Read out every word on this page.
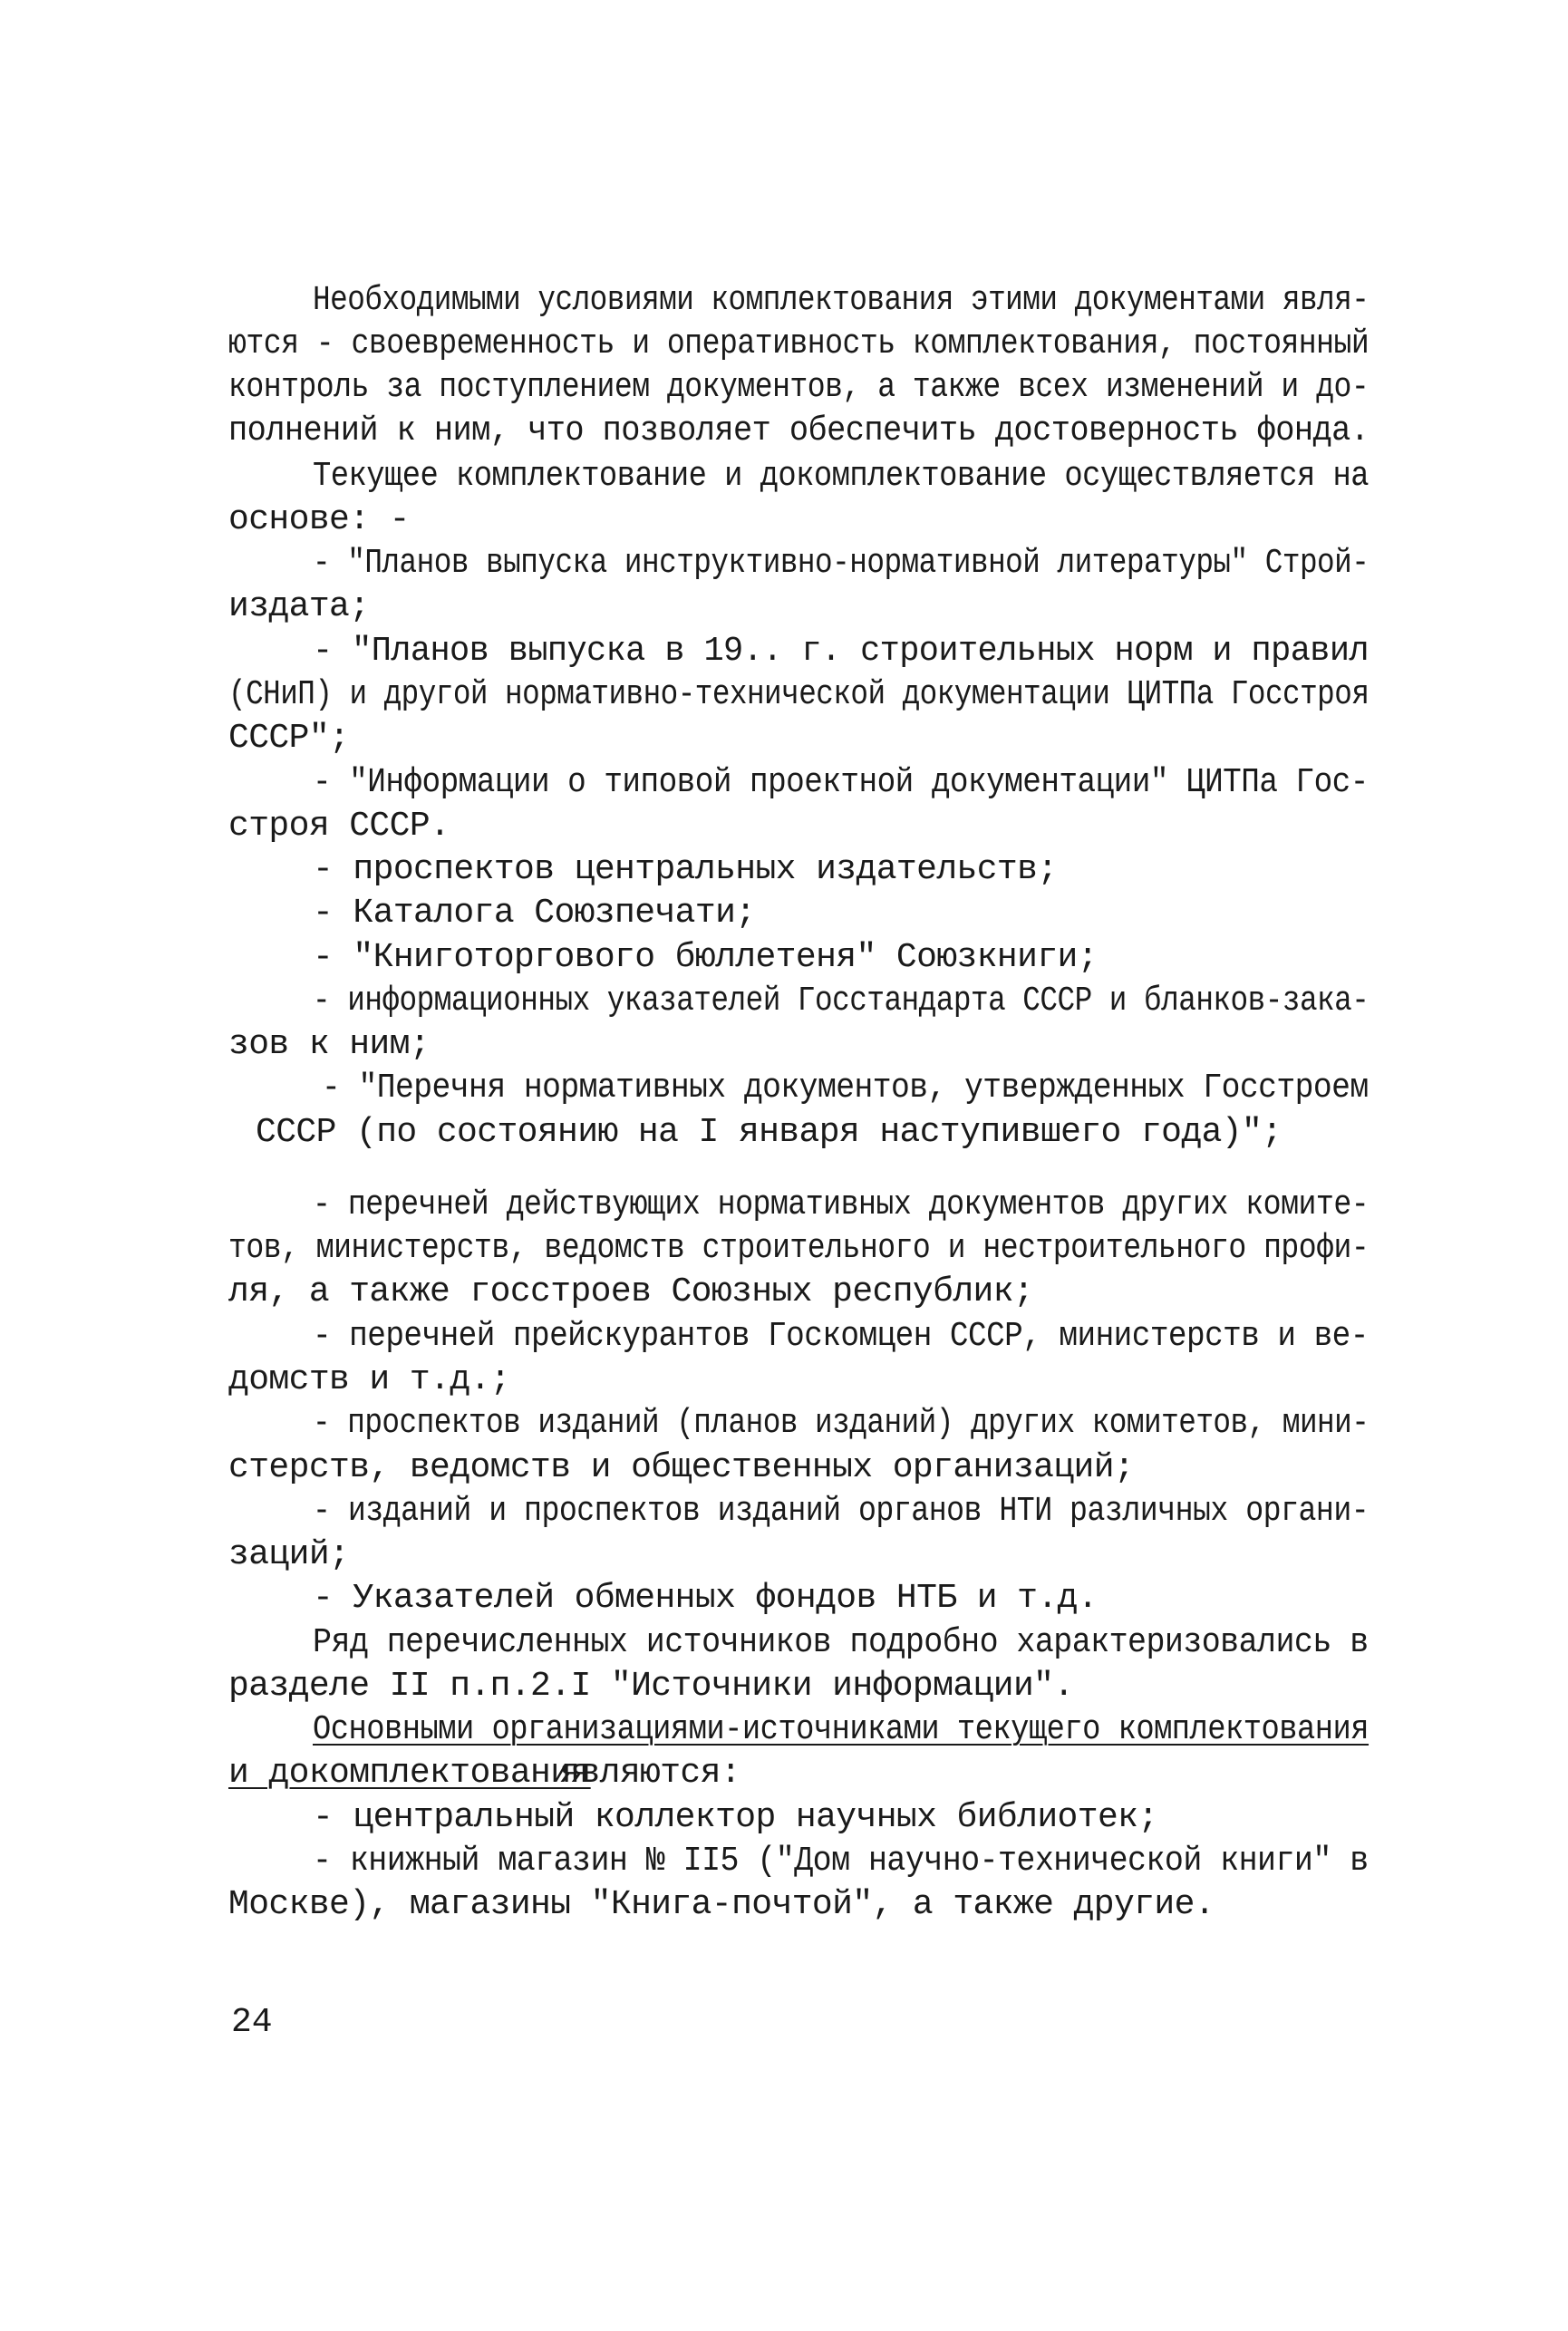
Необходимыми условиями комплектования этими документами явля-
ются - своевременность и оперативность комплектования, постоянный
контроль за поступлением документов, а также всех изменений и до-
полнений к ним, что позволяет обеспечить достоверность фонда.
Текущее комплектование и докомплектование осуществляется на
основе: -
- "Планов выпуска инструктивно-нормативной литературы" Строй-
издата;
- "Планов выпуска в 19.. г. строительных норм и правил
(СНиП) и другой нормативно-технической документации ЦИТПа Госстроя
СССР";
- "Информации о типовой проектной документации" ЦИТПа Гос-
строя СССР.
- проспектов центральных издательств;
- Каталога Союзпечати;
- "Книготоргового бюллетеня" Союзкниги;
- информационных указателей Госстандарта СССР и бланков-зака-
зов к ним;
- "Перечня нормативных документов, утвержденных Госстроем
СССР (по состоянию на I января наступившего года)";
- перечней действующих нормативных документов других комите-
тов, министерств, ведомств строительного и нестроительного профи-
ля, а также госстроев Союзных республик;
- перечней прейскурантов Госкомцен СССР, министерств и ве-
домств и т.д.;
- проспектов изданий (планов изданий) других комитетов, мини-
стерств, ведомств и общественных организаций;
- изданий и проспектов изданий органов НТИ различных органи-
заций;
- Указателей обменных фондов НТБ и т.д.
Ряд перечисленных источников подробно характеризовались в
разделе II п.п.2.I "Источники информации".
Основными организациями-источниками текущего комплектования
и докомплектования
являются:
- центральный коллектор научных библиотек;
- книжный магазин № II5 ("Дом научно-технической книги" в
Москве), магазины "Книга-почтой", а также другие.
24
